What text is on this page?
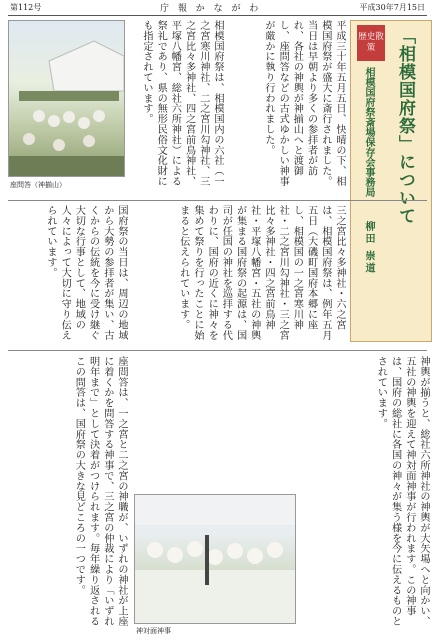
第112号	庁 報 か な が わ	平成30年7月15日
座問答（神揃山）	相模国府祭は、相模国内の六社（一之宮寒川神社、二之宮川勾神社、三之宮比々多神社、四之宮前鳥神社、平塚八幡宮、総社六所神社）による祭礼であり、県の無形民俗文化財にも指定されています。	平成三十年五月五日、快晴の下、相模国府祭が盛大に斎行されました。当日は早朝より多くの参拝者が訪れ、各社の神輿が神揃山へと渡御し、座問答などの古式ゆかしい神事が厳かに執り行われました。	歴史散策	「相模国府祭」について
相模国府祭斎場保存会事務局
柳田 崇道
国府祭の当日は、周辺の地域から大勢の参拝者が集い、古くからの伝統を今に受け継ぐ大切な行事として、地域の人々によって大切に守り伝えられています。	三之宮比々多神社・六之宮は、相模国府祭は、例年五月五日（大磯町国府本郷に座し、相模国の一之宮寒川神社・二之宮川勾神社・三之宮比々多神社・四之宮前鳥神社・平塚八幡宮・五社の神輿が集まる国府祭の起源は、国司が任国の神社を巡拝する代わりに、国府の近くに神々を集めて祭りを行ったことに始まると伝えられています。
座問答は、一之宮と二之宮の神職が、いずれの神社が上座に着くかを問答する神事で、三之宮の仲裁により「いずれ明年まで」として決着がつけられます。毎年繰り返されるこの問答は、国府祭の大きな見どころの一つです。	神輿が揃うと、総社六所神社の神輿が大矢場へと向かい、五社の神輿を迎えて神対面神事が行われます。この神事は、国府の総社に各国の神々が集う様を今に伝えるものとされています。
神対面神事
